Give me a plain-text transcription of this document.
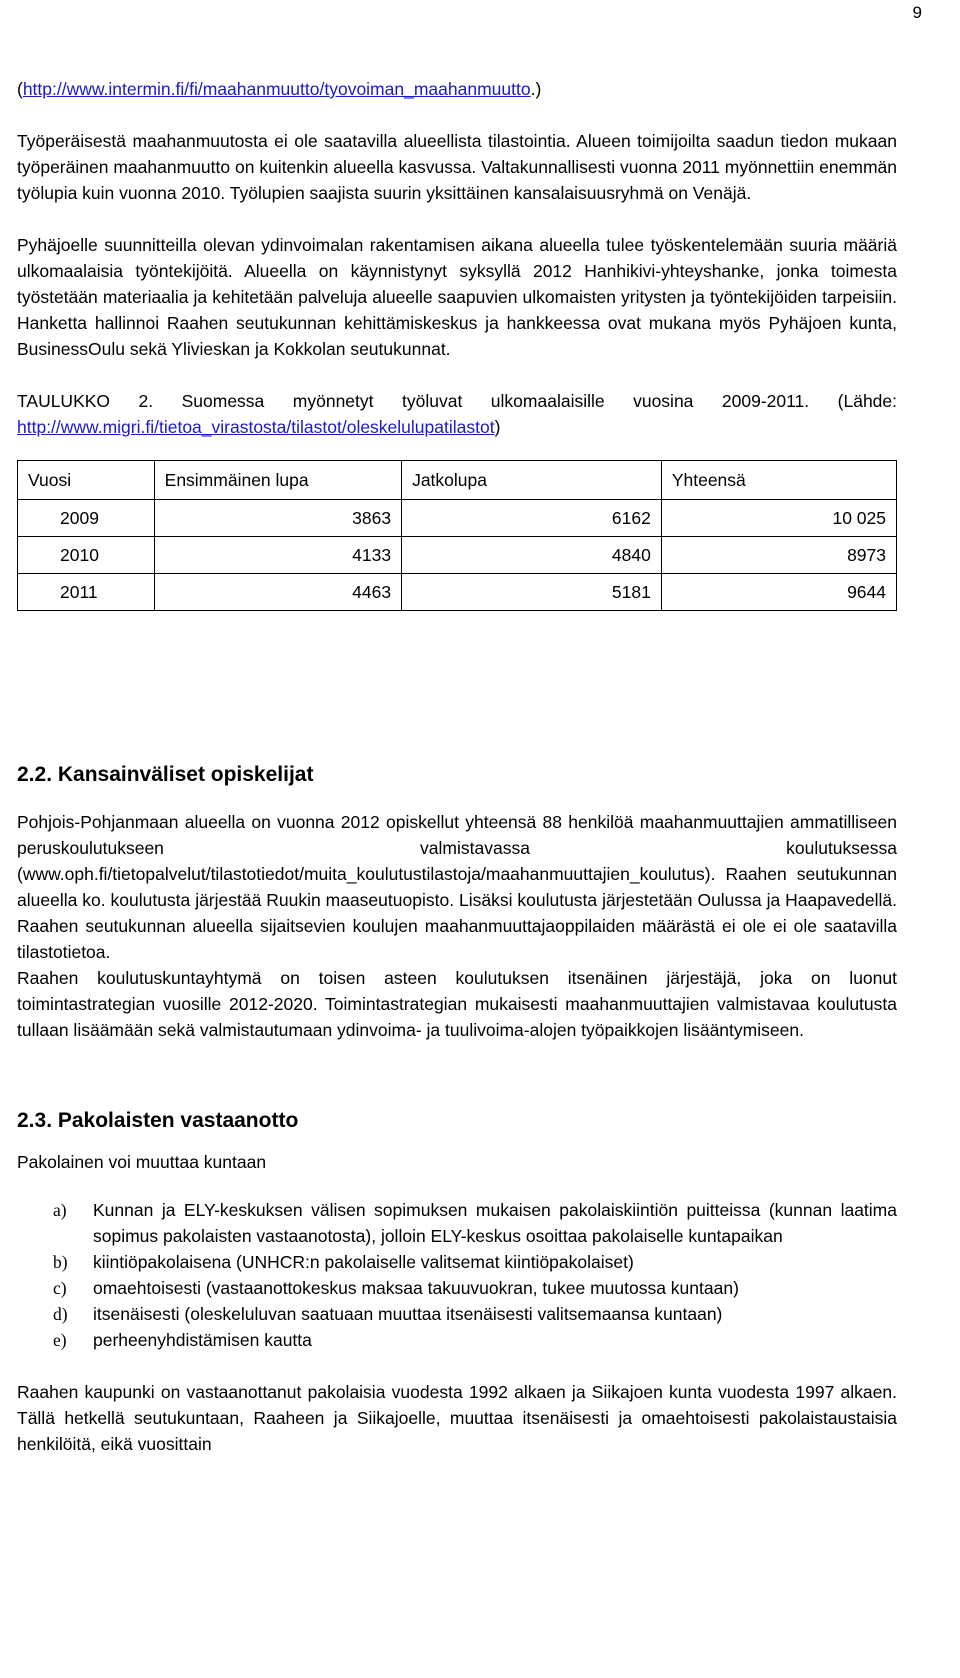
9

(http://www.intermin.fi/fi/maahanmuutto/tyovoiman_maahanmuutto.)

Työperäisestä maahanmuutosta ei ole saatavilla alueellista tilastointia. Alueen toimijoilta saadun tiedon mukaan työperäinen maahanmuutto on kuitenkin alueella kasvussa. Valtakunnallisesti vuonna 2011 myönnettiin enemmän työlupia kuin vuonna 2010. Työlupien saajista suurin yksittäinen kansalaisuusryhmä on Venäjä.

Pyhäjoelle suunnitteilla olevan ydinvoimalan rakentamisen aikana alueella tulee työskentelemään suuria määriä ulkomaalaisia työntekijöitä. Alueella on käynnistynyt syksyllä 2012 Hanhikivi-yhteyshanke, jonka toimesta työstetään materiaalia ja kehitetään palveluja alueelle saapuvien ulkomaisten yritysten ja työntekijöiden tarpeisiin. Hanketta hallinnoi Raahen seutukunnan kehittämiskeskus ja hankkeessa ovat mukana myös Pyhäjoen kunta, BusinessOulu sekä Ylivieskan ja Kokkolan seutukunnat.

TAULUKKO 2. Suomessa myönnetyt työluvat ulkomaalaisille vuosina 2009-2011. (Lähde: http://www.migri.fi/tietoa_virastosta/tilastot/oleskelulupatilastot)

Vuosi	Ensimmäinen lupa	Jatkolupa	Yhteensä
2009	3863	6162	10 025
2010	4133	4840	8973
2011	4463	5181	9644
2.2. Kansainväliset opiskelijat

Pohjois-Pohjanmaan alueella on vuonna 2012 opiskellut yhteensä 88 henkilöä maahanmuuttajien ammatilliseen peruskoulutukseen valmistavassa koulutuksessa (www.oph.fi/tietopalvelut/tilastotiedot/muita_koulutustilastoja/maahanmuuttajien_koulutus). Raahen seutukunnan alueella ko. koulutusta järjestää Ruukin maaseutuopisto. Lisäksi koulutusta järjestetään Oulussa ja Haapavedellä. Raahen seutukunnan alueella sijaitsevien koulujen maahanmuuttajaoppilaiden määrästä ei ole ei ole saatavilla tilastotietoa.

Raahen koulutuskuntayhtymä on toisen asteen koulutuksen itsenäinen järjestäjä, joka on luonut toimintastrategian vuosille 2012-2020. Toimintastrategian mukaisesti maahanmuuttajien valmistavaa koulutusta tullaan lisäämään sekä valmistautumaan ydinvoima- ja tuulivoima-alojen työpaikkojen lisääntymiseen.

2.3. Pakolaisten vastaanotto

Pakolainen voi muuttaa kuntaan

a)	Kunnan ja ELY-keskuksen välisen sopimuksen mukaisen pakolaiskiintiön puitteissa (kunnan laatima sopimus pakolaisten vastaanotosta), jolloin ELY-keskus osoittaa pakolaiselle kuntapaikan
b)	kiintiöpakolaisena (UNHCR:n pakolaiselle valitsemat kiintiöpakolaiset)
c)	omaehtoisesti (vastaanottokeskus maksaa takuuvuokran, tukee muutossa kuntaan)
d)	itsenäisesti (oleskeluluvan saatuaan muuttaa itsenäisesti valitsemaansa kuntaan)
e)	perheenyhdistämisen kautta

Raahen kaupunki on vastaanottanut pakolaisia vuodesta 1992 alkaen ja Siikajoen kunta vuodesta 1997 alkaen. Tällä hetkellä seutukuntaan, Raaheen ja Siikajoelle, muuttaa itsenäisesti ja omaehtoisesti pakolaistaustaisia henkilöitä, eikä vuosittain
